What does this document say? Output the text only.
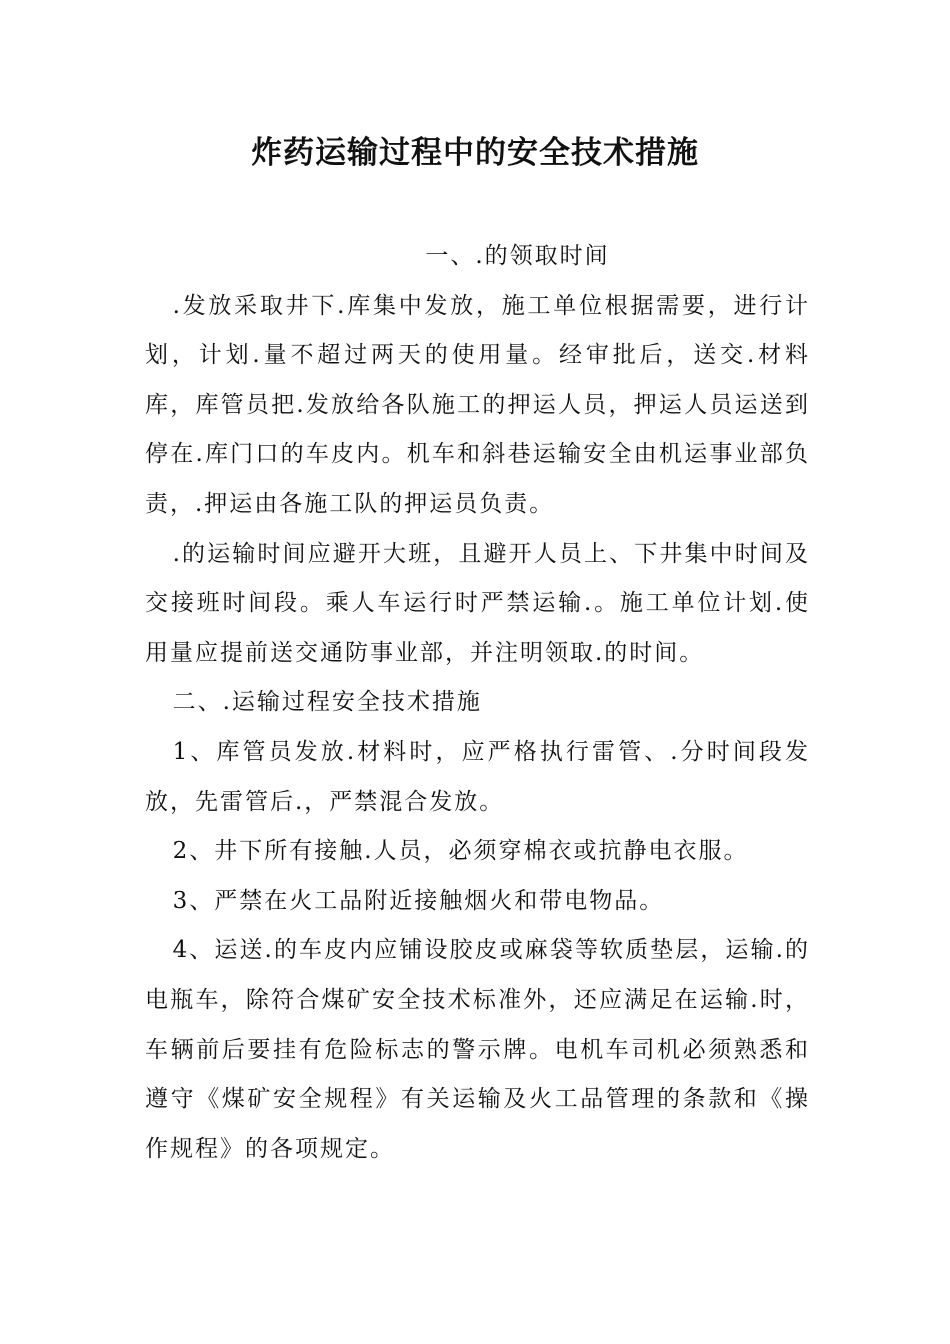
炸药运输过程中的安全技术措施

一、.的领取时间

.发放采取井下.库集中发放，施工单位根据需要，进行计划，计划.量不超过两天的使用量。经审批后，送交.材料库，库管员把.发放给各队施工的押运人员，押运人员运送到停在.库门口的车皮内。机车和斜巷运输安全由机运事业部负责，.押运由各施工队的押运员负责。

.的运输时间应避开大班，且避开人员上、下井集中时间及交接班时间段。乘人车运行时严禁运输.。施工单位计划.使用量应提前送交通防事业部，并注明领取.的时间。

二、.运输过程安全技术措施

1、库管员发放.材料时，应严格执行雷管、.分时间段发放，先雷管后.，严禁混合发放。

2、井下所有接触.人员，必须穿棉衣或抗静电衣服。

3、严禁在火工品附近接触烟火和带电物品。

4、运送.的车皮内应铺设胶皮或麻袋等软质垫层，运输.的电瓶车，除符合煤矿安全技术标准外，还应满足在运输.时，车辆前后要挂有危险标志的警示牌。电机车司机必须熟悉和遵守《煤矿安全规程》有关运输及火工品管理的条款和《操作规程》的各项规定。
